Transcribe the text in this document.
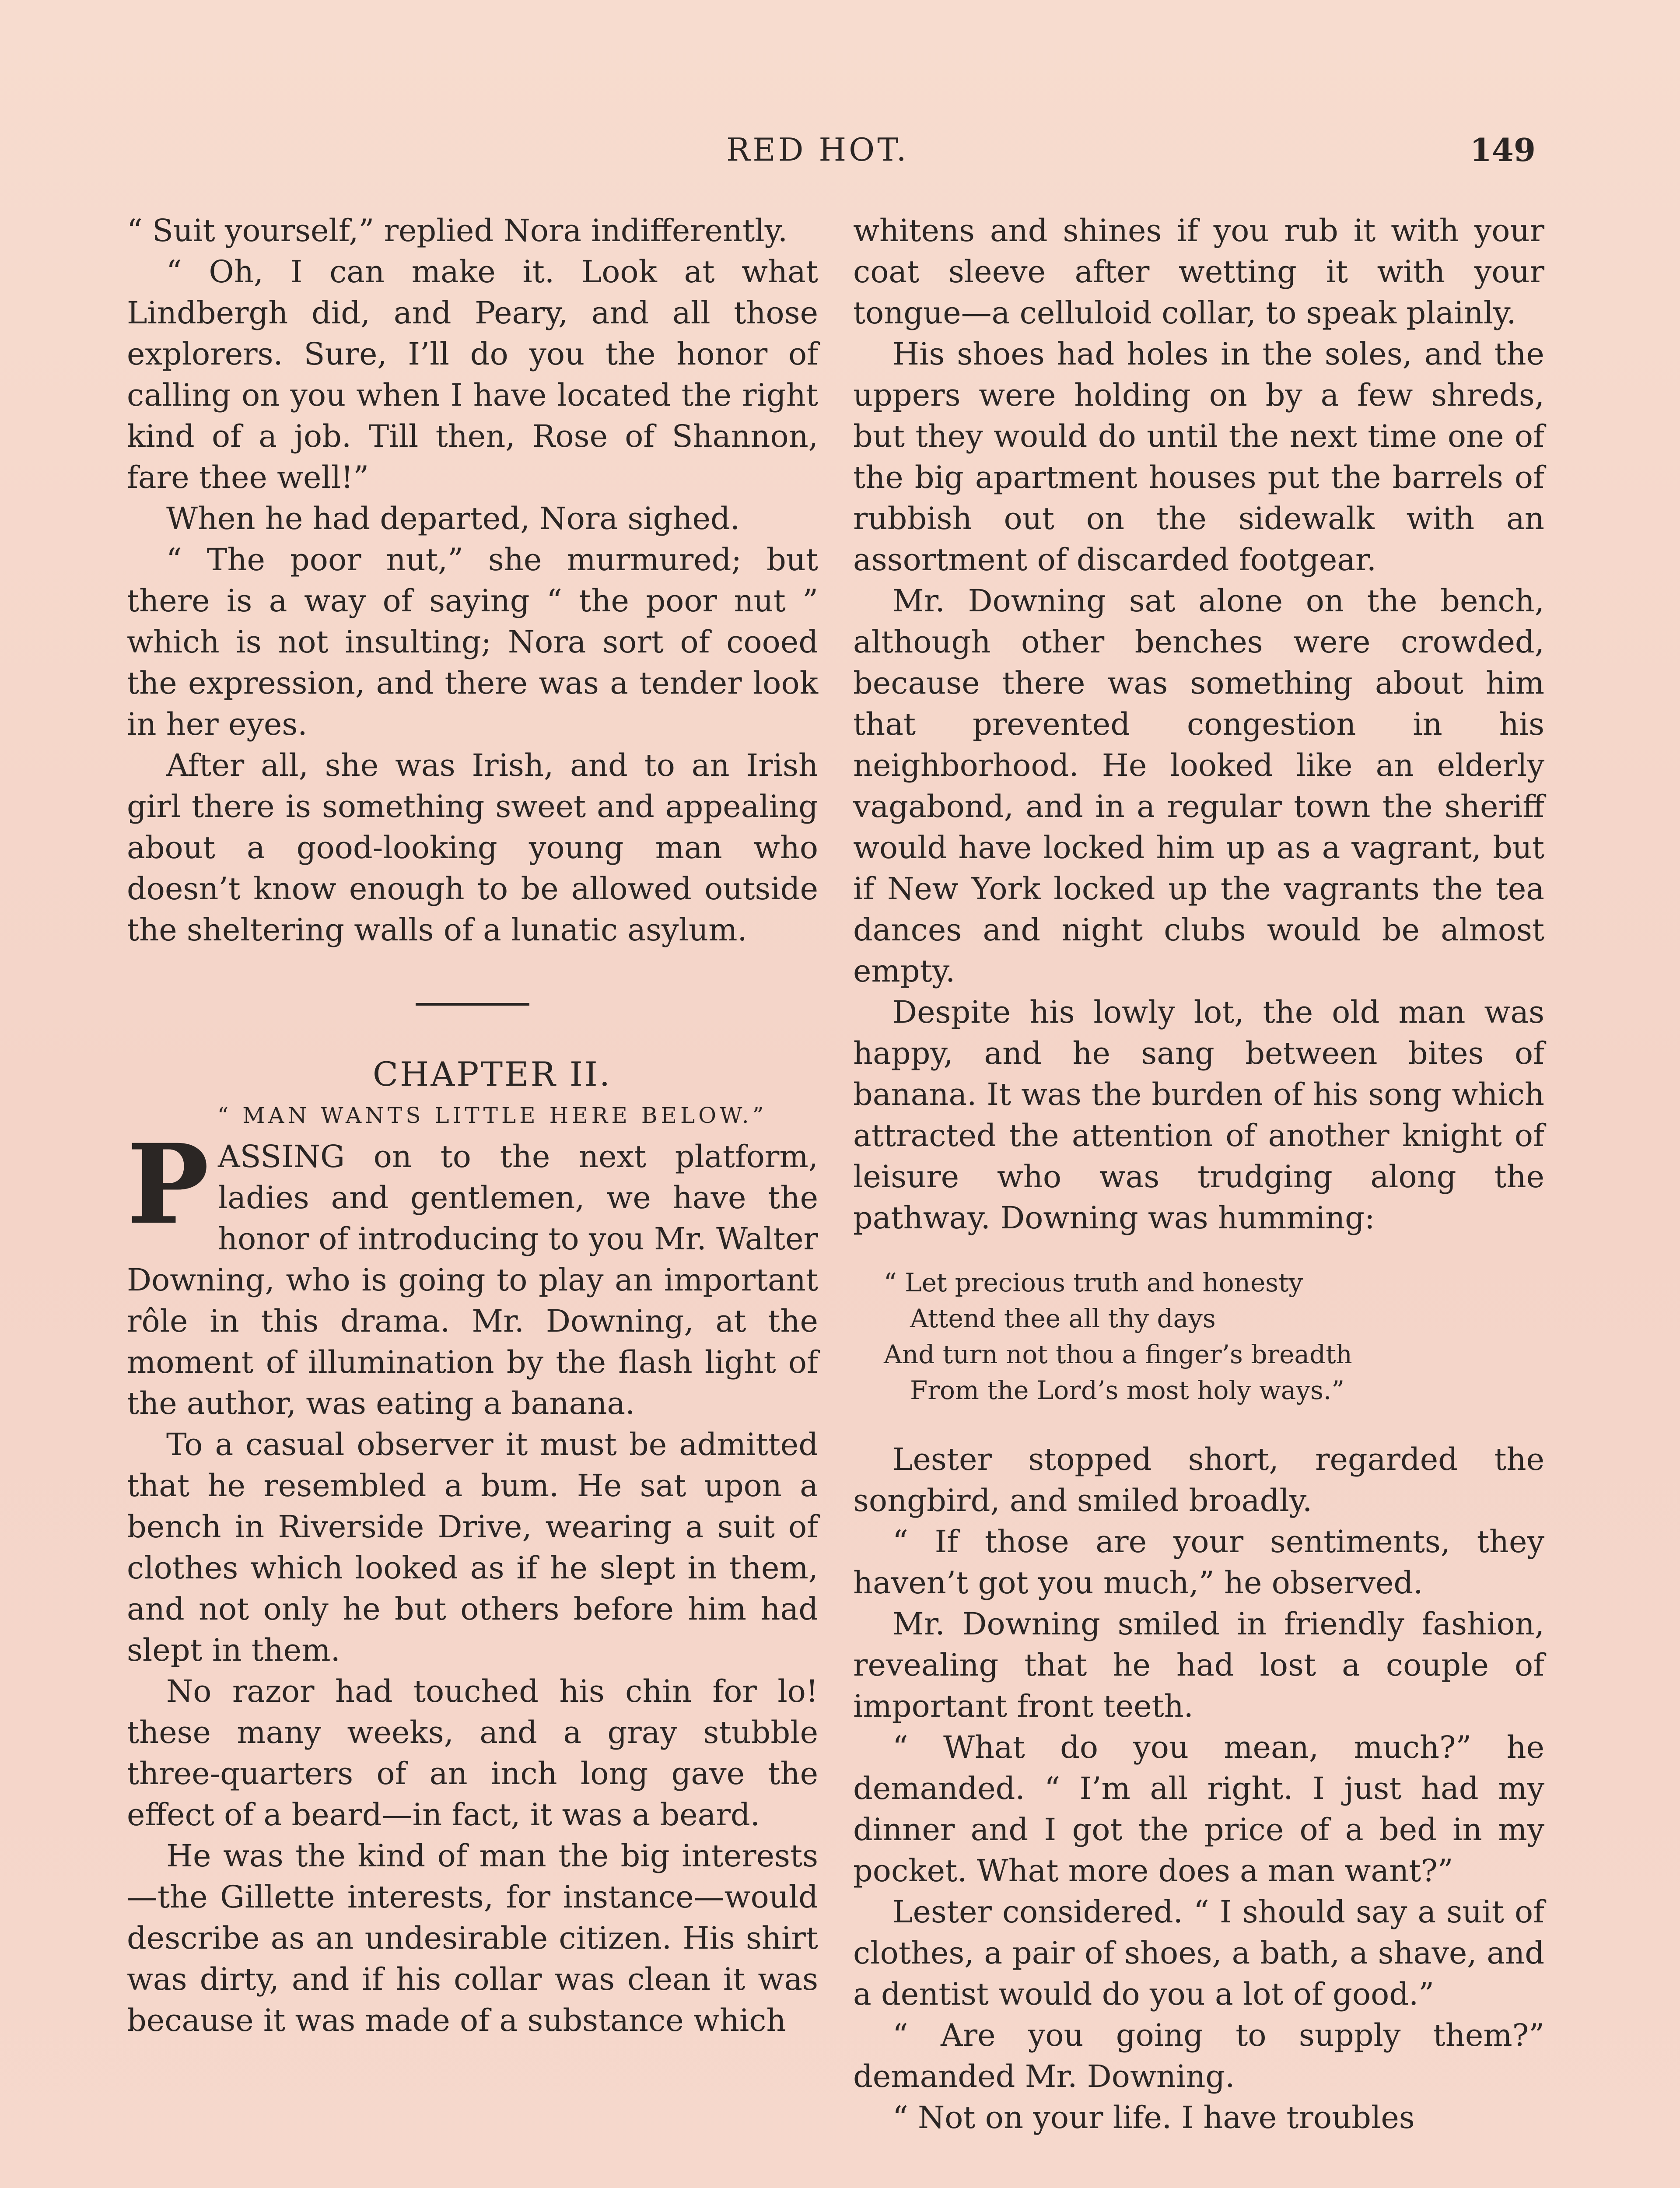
RED HOT.	149

“ Suit yourself,” replied Nora indifferently.

“ Oh, I can make it. Look at what Lindbergh did, and Peary, and all those explorers. Sure, I’ll do you the honor of calling on you when I have located the right kind of a job. Till then, Rose of Shannon, fare thee well!”

When he had departed, Nora sighed.

“ The poor nut,” she murmured; but there is a way of saying “ the poor nut ” which is not insulting; Nora sort of cooed the expression, and there was a tender look in her eyes.

After all, she was Irish, and to an Irish girl there is something sweet and appealing about a good-looking young man who doesn’t know enough to be allowed outside the sheltering walls of a lunatic asylum.

CHAPTER II.

“ MAN WANTS LITTLE HERE BELOW.”

PASSING on to the next platform, ladies and gentlemen, we have the honor of introducing to you Mr. Walter Downing, who is going to play an important rôle in this drama. Mr. Downing, at the moment of illumination by the flash light of the author, was eating a banana.

To a casual observer it must be admitted that he resembled a bum. He sat upon a bench in Riverside Drive, wearing a suit of clothes which looked as if he slept in them, and not only he but others before him had slept in them.

No razor had touched his chin for lo! these many weeks, and a gray stubble three-quarters of an inch long gave the effect of a beard—in fact, it was a beard.

He was the kind of man the big interests—the Gillette interests, for instance—would describe as an undesirable citizen. His shirt was dirty, and if his collar was clean it was because it was made of a substance which

whitens and shines if you rub it with your coat sleeve after wetting it with your tongue—a celluloid collar, to speak plainly.

His shoes had holes in the soles, and the uppers were holding on by a few shreds, but they would do until the next time one of the big apartment houses put the barrels of rubbish out on the sidewalk with an assortment of discarded footgear.

Mr. Downing sat alone on the bench, although other benches were crowded, because there was something about him that prevented congestion in his neighborhood. He looked like an elderly vagabond, and in a regular town the sheriff would have locked him up as a vagrant, but if New York locked up the vagrants the tea dances and night clubs would be almost empty.

Despite his lowly lot, the old man was happy, and he sang between bites of banana. It was the burden of his song which attracted the attention of another knight of leisure who was trudging along the pathway. Downing was humming:

“ Let precious truth and honesty
Attend thee all thy days
And turn not thou a finger’s breadth
From the Lord’s most holy ways.”

Lester stopped short, regarded the songbird, and smiled broadly.

“ If those are your sentiments, they haven’t got you much,” he observed.

Mr. Downing smiled in friendly fashion, revealing that he had lost a couple of important front teeth.

“ What do you mean, much?” he demanded. “ I’m all right. I just had my dinner and I got the price of a bed in my pocket. What more does a man want?”

Lester considered. “ I should say a suit of clothes, a pair of shoes, a bath, a shave, and a dentist would do you a lot of good.”

“ Are you going to supply them?” demanded Mr. Downing.

“ Not on your life. I have troubles
